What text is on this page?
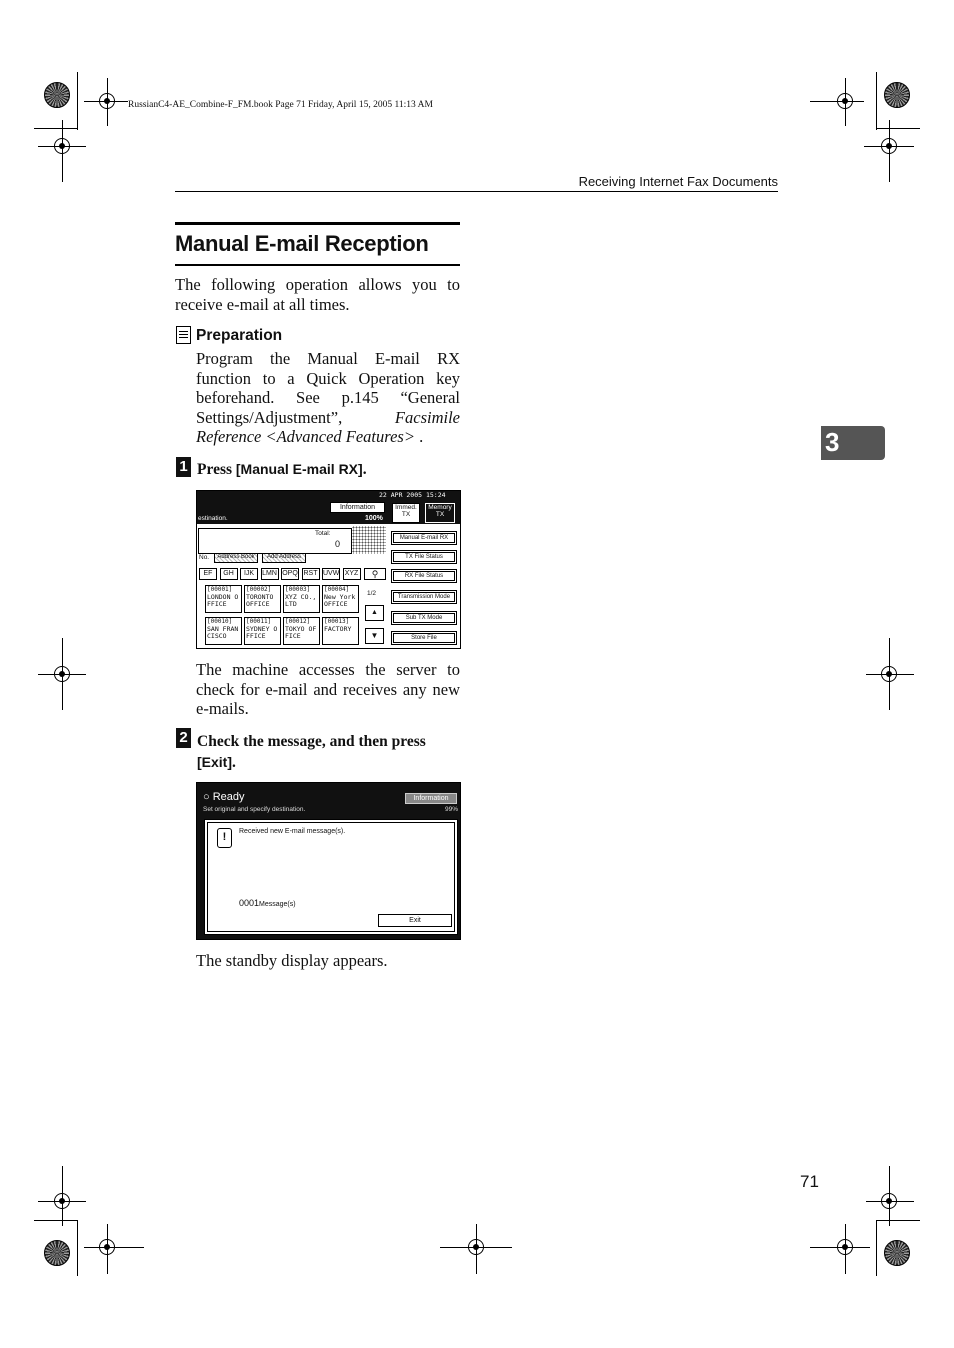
RussianC4-AE_Combine-F_FM.book Page 71 Friday, April 15, 2005 11:13 AM
Receiving Internet Fax Documents
Manual E-mail Reception
The following operation allows you to receive e-mail at all times.
Preparation
Program the Manual E-mail RX function to a Quick Operation key beforehand. See p.145 “General Settings/Adjustment”, Facsimile Reference <Advanced Features> .	3
1 Press [Manual E-mail RX].
22 APR 2005 15:24
Information
estination.	100%
Immed.
TX
Memory
TX
Total:
0
No.	Address Book	Add Address
EF	GH	IJK	LMN OPQ RST UVW XYZ	⚲
[00001]
LONDON O
FFICE
[00002]
TORONTO
OFFICE
[00003]
XYZ CO.,
LTD
[00004]
New York
OFFICE
[00010]
SAN FRAN
CISCO
[00011]
SYDNEY O
FFICE
[00012]
TOKYO OF
FICE
[00013]
FACTORY
1/2
▲
▼
Manual E-mail RX
TX File Status
RX File Status
Transmission Mode
Sub TX Mode
Store File
The machine accesses the server to check for e-mail and receives any new e-mails.
2 Check the message, and then press [Exit].
○ Ready
Set original and specify destination.
Information
99%
!	Received new E-mail message(s).
0001Message(s)
Exit
The standby display appears.
71
